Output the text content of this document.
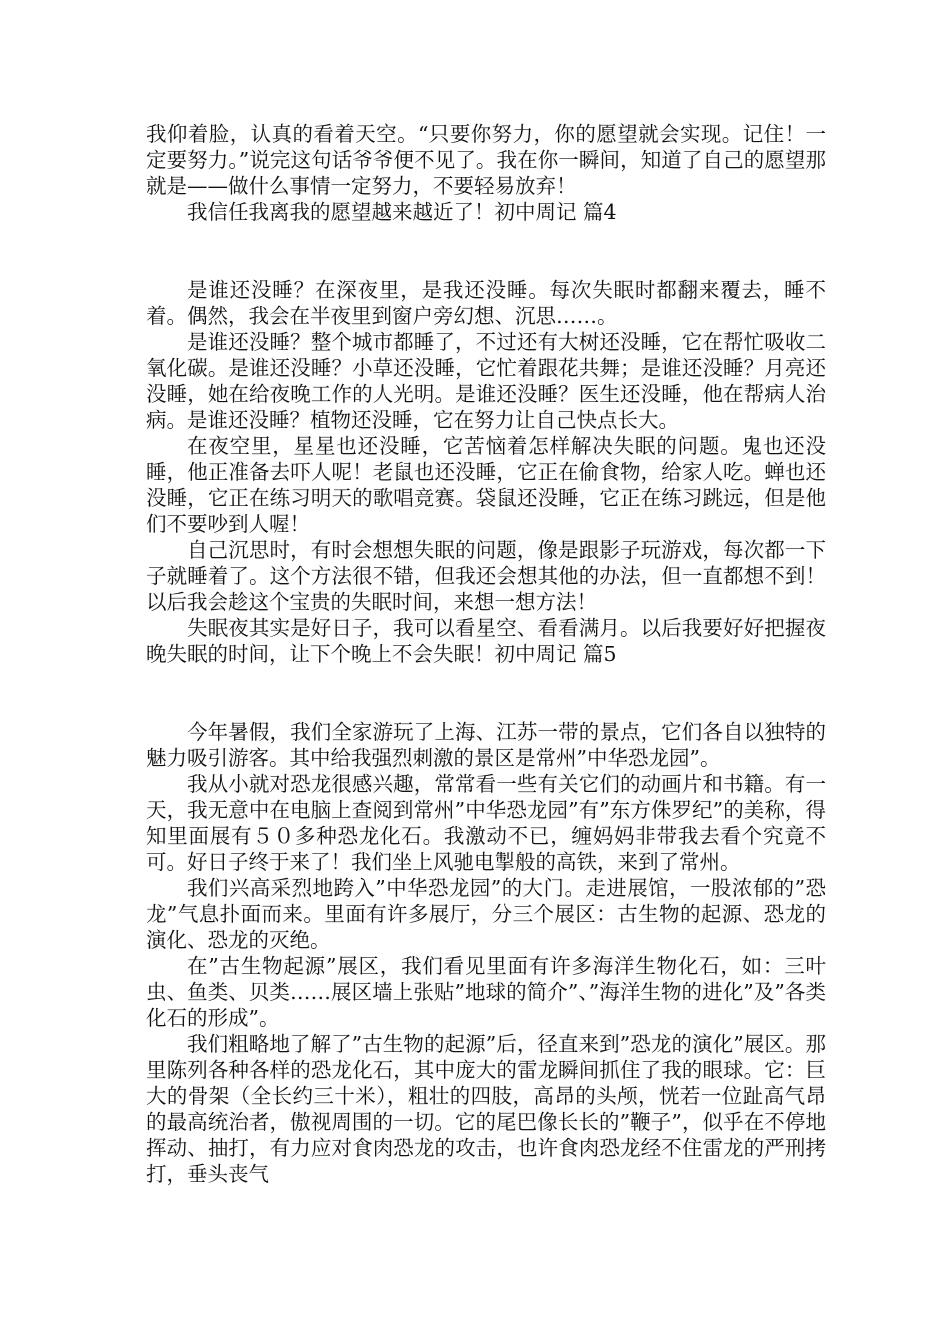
我仰着脸，认真的看着天空。“只要你努力，你的愿望就会实现。记住！一 定要努力。”说完这句话爷爷便不见了。我在你一瞬间，知道了自己的愿望那就是——做什么事情一定努力，不要轻易放弃！

我信任我离我的愿望越来越近了！初中周记 篇4

是谁还没睡？在深夜里，是我还没睡。每次失眠时都翻来覆去，睡不着。偶然，我会在半夜里到窗户旁幻想、沉思……。

是谁还没睡？整个城市都睡了，不过还有大树还没睡，它在帮忙吸收二氧化碳。是谁还没睡？小草还没睡，它忙着跟花共舞；是谁还没睡？月亮还没睡，她在给夜晚工作的人光明。是谁还没睡？医生还没睡，他在帮病人治病。是谁还没睡？植物还没睡，它在努力让自己快点长大。

在夜空里，星星也还没睡，它苦恼着怎样解决失眠的问题。鬼也还没睡，他正准备去吓人呢！老鼠也还没睡，它正在偷食物，给家人吃。蝉也还没睡，它正在练习明天的歌唱竞赛。袋鼠还没睡，它正在练习跳远，但是他们不要吵到人喔！

自己沉思时，有时会想想失眠的问题，像是跟影子玩游戏，每次都一下子就睡着了。这个方法很不错，但我还会想其他的办法，但一直都想不到！以后我会趁这个宝贵的失眠时间，来想一想方法！

失眠夜其实是好日子，我可以看星空、看看满月。以后我要好好把握夜晚失眠的时间，让下个晚上不会失眠！初中周记 篇5

今年暑假，我们全家游玩了上海、江苏一带的景点，它们各自以独特的魅力吸引游客。其中给我强烈刺激的景区是常州”中华恐龙园”。

我从小就对恐龙很感兴趣，常常看一些有关它们的动画片和书籍。有一天，我无意中在电脑上查阅到常州”中华恐龙园”有”东方侏罗纪”的美称，得知里面展有５０多种恐龙化石。我激动不已，缠妈妈非带我去看个究竟不可。好日子终于来了！我们坐上风驰电掣般的高铁，来到了常州。

我们兴高采烈地跨入”中华恐龙园”的大门。走进展馆，一股浓郁的”恐龙”气息扑面而来。里面有许多展厅，分三个展区：古生物的起源、恐龙的演化、恐龙的灭绝。

在”古生物起源”展区，我们看见里面有许多海洋生物化石，如：三叶虫、鱼类、贝类……展区墙上张贴”地球的简介”、”海洋生物的进化”及”各类化石的形成”。

我们粗略地了解了”古生物的起源”后，径直来到”恐龙的演化”展区。那里陈列各种各样的恐龙化石，其中庞大的雷龙瞬间抓住了我的眼球。它：巨大的骨架（全长约三十米），粗壮的四肢，高昂的头颅，恍若一位趾高气昂的最高统治者，傲视周围的一切。它的尾巴像长长的”鞭子”，似乎在不停地挥动、抽打，有力应对食肉恐龙的攻击，也许食肉恐龙经不住雷龙的严刑拷打，垂头丧气
